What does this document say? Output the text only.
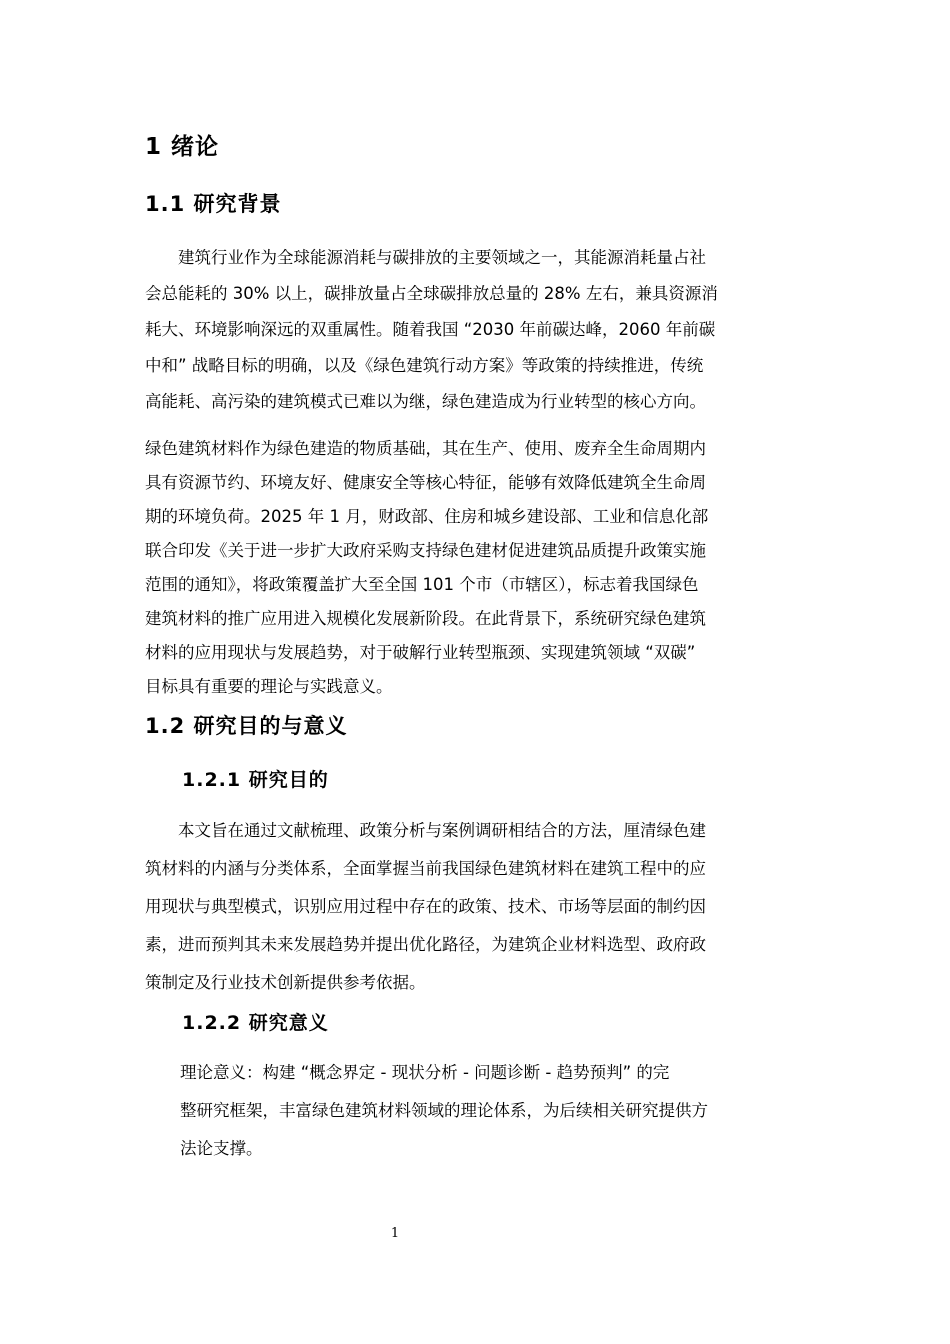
1 绪论
1.1 研究背景
建筑行业作为全球能源消耗与碳排放的主要领域之一，其能源消耗量占社
会总能耗的 30% 以上，碳排放量占全球碳排放总量的 28% 左右，兼具资源消
耗大、环境影响深远的双重属性。随着我国 “2030 年前碳达峰，2060 年前碳
中和” 战略目标的明确，以及《绿色建筑行动方案》等政策的持续推进，传统
高能耗、高污染的建筑模式已难以为继，绿色建造成为行业转型的核心方向。
绿色建筑材料作为绿色建造的物质基础，其在生产、使用、废弃全生命周期内
具有资源节约、环境友好、健康安全等核心特征，能够有效降低建筑全生命周
期的环境负荷。2025 年 1 月，财政部、住房和城乡建设部、工业和信息化部
联合印发《关于进一步扩大政府采购支持绿色建材促进建筑品质提升政策实施
范围的通知》，将政策覆盖扩大至全国 101 个市（市辖区），标志着我国绿色
建筑材料的推广应用进入规模化发展新阶段。在此背景下，系统研究绿色建筑
材料的应用现状与发展趋势，对于破解行业转型瓶颈、实现建筑领域 “双碳”
目标具有重要的理论与实践意义。
1.2 研究目的与意义
1.2.1 研究目的
本文旨在通过文献梳理、政策分析与案例调研相结合的方法，厘清绿色建
筑材料的内涵与分类体系，全面掌握当前我国绿色建筑材料在建筑工程中的应
用现状与典型模式，识别应用过程中存在的政策、技术、市场等层面的制约因
素，进而预判其未来发展趋势并提出优化路径，为建筑企业材料选型、政府政
策制定及行业技术创新提供参考依据。
1.2.2 研究意义
理论意义：构建 “概念界定 - 现状分析 - 问题诊断 - 趋势预判” 的完
整研究框架，丰富绿色建筑材料领域的理论体系，为后续相关研究提供方
法论支撑。
1
